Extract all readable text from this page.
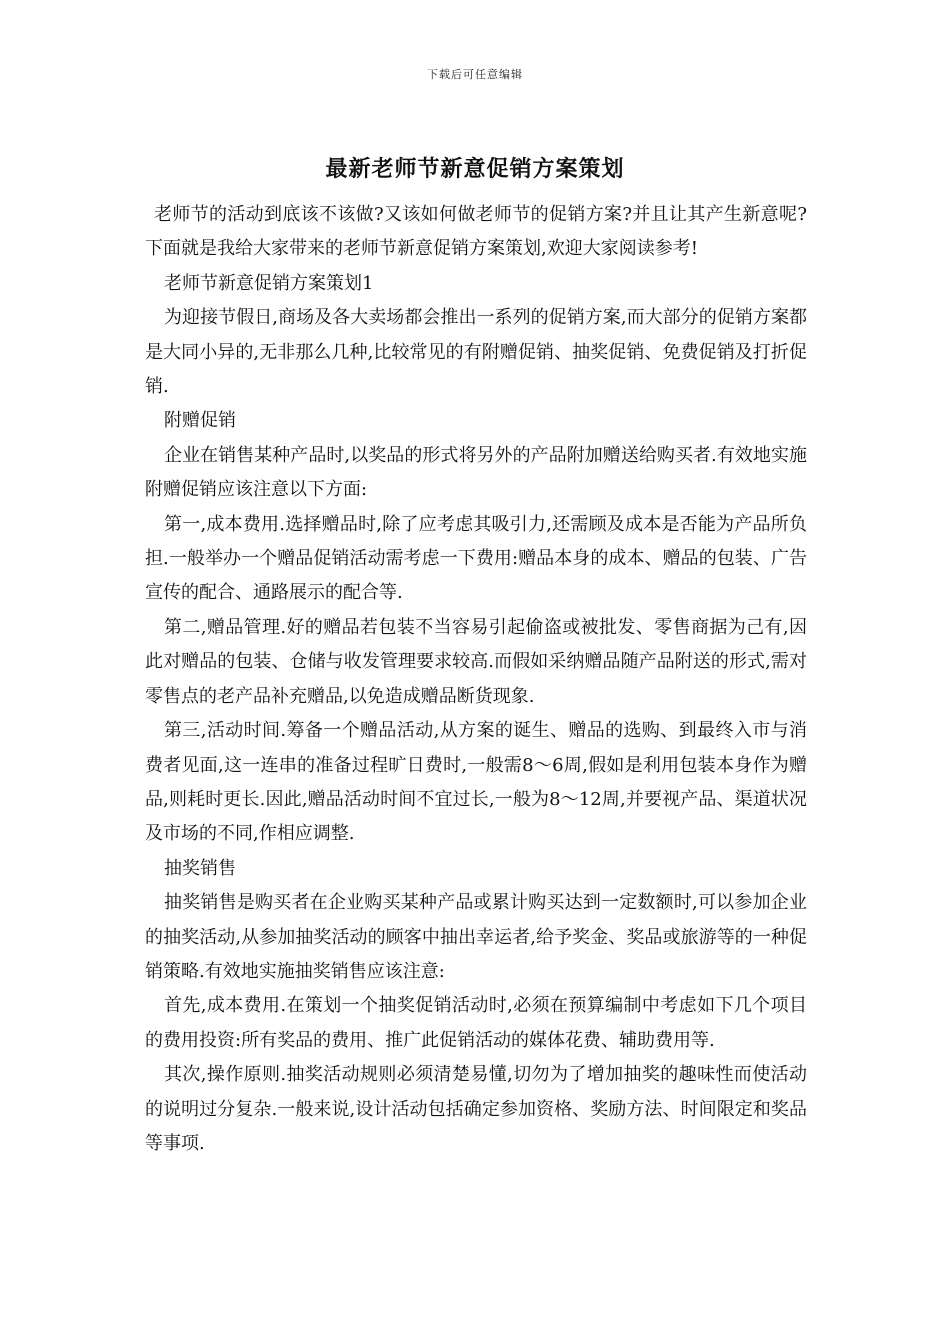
下载后可任意编辑
最新老师节新意促销方案策划

老师节的活动到底该不该做?又该如何做老师节的促销方案?并且让其产生新意呢?下面就是我给大家带来的老师节新意促销方案策划,欢迎大家阅读参考!

老师节新意促销方案策划1

为迎接节假日,商场及各大卖场都会推出一系列的促销方案,而大部分的促销方案都是大同小异的,无非那么几种,比较常见的有附赠促销、抽奖促销、免费促销及打折促销.

附赠促销

企业在销售某种产品时,以奖品的形式将另外的产品附加赠送给购买者.有效地实施附赠促销应该注意以下方面:

第一,成本费用.选择赠品时,除了应考虑其吸引力,还需顾及成本是否能为产品所负担.一般举办一个赠品促销活动需考虑一下费用:赠品本身的成本、赠品的包装、广告宣传的配合、通路展示的配合等.

第二,赠品管理.好的赠品若包装不当容易引起偷盗或被批发、零售商据为己有,因此对赠品的包装、仓储与收发管理要求较高.而假如采纳赠品随产品附送的形式,需对零售点的老产品补充赠品,以免造成赠品断货现象.

第三,活动时间.筹备一个赠品活动,从方案的诞生、赠品的选购、到最终入市与消费者见面,这一连串的准备过程旷日费时,一般需8～6周,假如是利用包装本身作为赠品,则耗时更长.因此,赠品活动时间不宜过长,一般为8～12周,并要视产品、渠道状况及市场的不同,作相应调整.

抽奖销售

抽奖销售是购买者在企业购买某种产品或累计购买达到一定数额时,可以参加企业的抽奖活动,从参加抽奖活动的顾客中抽出幸运者,给予奖金、奖品或旅游等的一种促销策略.有效地实施抽奖销售应该注意:

首先,成本费用.在策划一个抽奖促销活动时,必须在预算编制中考虑如下几个项目的费用投资:所有奖品的费用、推广此促销活动的媒体花费、辅助费用等.

其次,操作原则.抽奖活动规则必须清楚易懂,切勿为了增加抽奖的趣味性而使活动的说明过分复杂.一般来说,设计活动包括确定参加资格、奖励方法、时间限定和奖品等事项.
